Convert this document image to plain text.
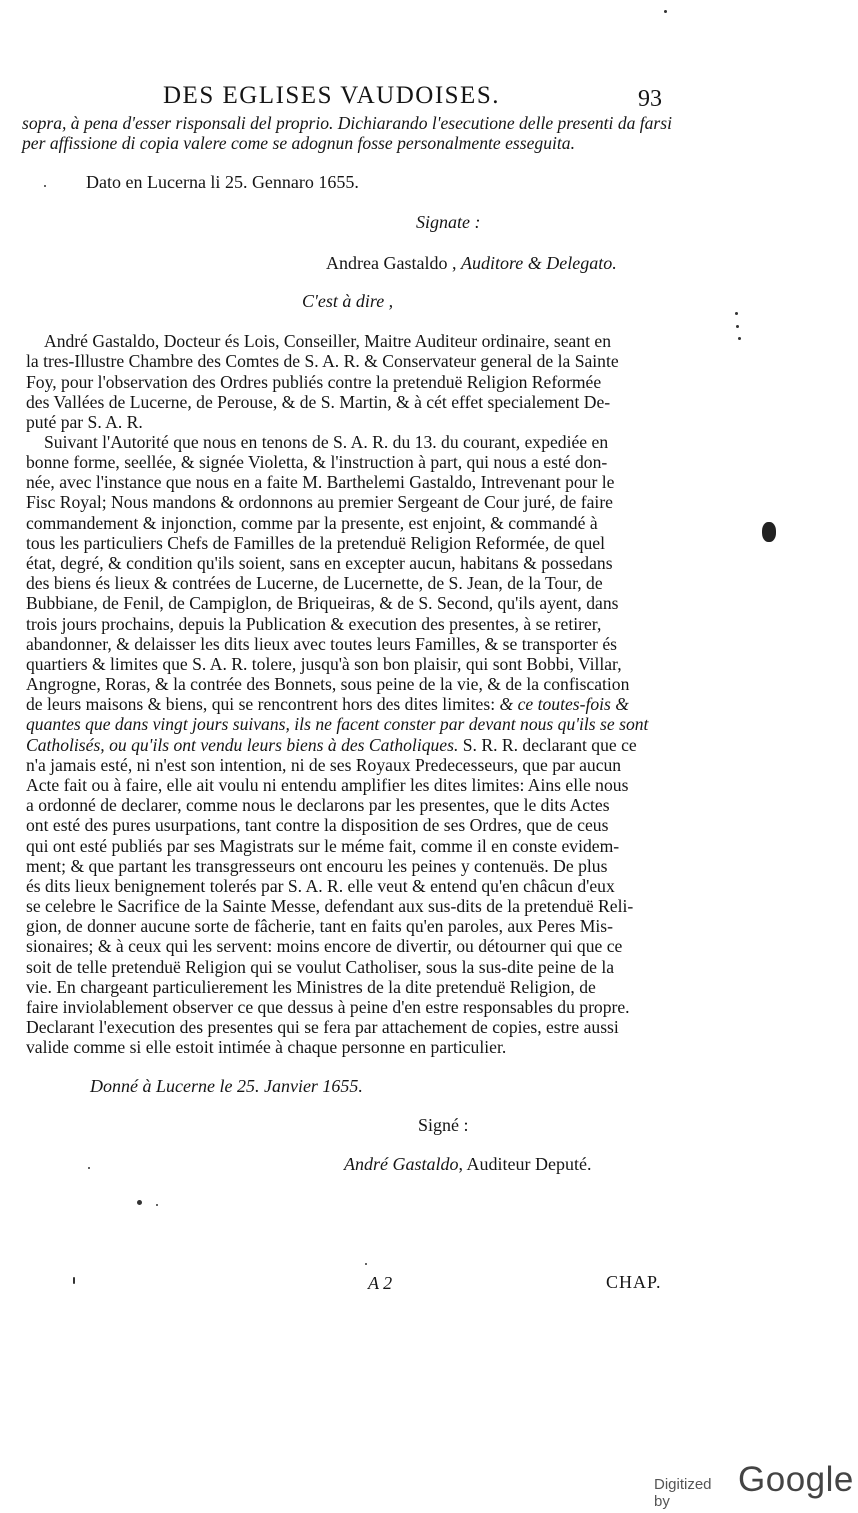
DES EGLISES VAUDOISES.	93
sopra, à pena d'esser risponsali del proprio. Dichiarando l'esecutione delle presenti da farsi
per affissione di copia valere come se adognun fosse personalmente esseguita.
Dato en Lucerna li 25. Gennaro 1655.
Signate :
Andrea Gastaldo , Auditore & Delegato.
C'est à dire ,
André Gastaldo, Docteur és Lois, Conseiller, Maitre Auditeur ordinaire, seant en
la tres-Illustre Chambre des Comtes de S. A. R. & Conservateur general de la Sainte
Foy, pour l'observation des Ordres publiés contre la pretenduë Religion Reformée
des Vallées de Lucerne, de Perouse, & de S. Martin, & à cét effet specialement De-
puté par S. A. R.
Suivant l'Autorité que nous en tenons de S. A. R. du 13. du courant, expediée en
bonne forme, seellée, & signée Violetta, & l'instruction à part, qui nous a esté don-
née, avec l'instance que nous en a faite M. Barthelemi Gastaldo, Intrevenant pour le
Fisc Royal; Nous mandons & ordonnons au premier Sergeant de Cour juré, de faire
commandement & injonction, comme par la presente, est enjoint, & commandé à
tous les particuliers Chefs de Familles de la pretenduë Religion Reformée, de quel
état, degré, & condition qu'ils soient, sans en excepter aucun, habitans & possedans
des biens és lieux & contrées de Lucerne, de Lucernette, de S. Jean, de la Tour, de
Bubbiane, de Fenil, de Campiglon, de Briqueiras, & de S. Second, qu'ils ayent, dans
trois jours prochains, depuis la Publication & execution des presentes, à se retirer,
abandonner, & delaisser les dits lieux avec toutes leurs Familles, & se transporter és
quartiers & limites que S. A. R. tolere, jusqu'à son bon plaisir, qui sont Bobbi, Villar,
Angrogne, Roras, & la contrée des Bonnets, sous peine de la vie, & de la confiscation
de leurs maisons & biens, qui se rencontrent hors des dites limites: & ce toutes-fois &
quantes que dans vingt jours suivans, ils ne facent conster par devant nous qu'ils se sont
Catholisés, ou qu'ils ont vendu leurs biens à des Catholiques. S. R. R. declarant que ce
n'a jamais esté, ni n'est son intention, ni de ses Royaux Predecesseurs, que par aucun
Acte fait ou à faire, elle ait voulu ni entendu amplifier les dites limites: Ains elle nous
a ordonné de declarer, comme nous le declarons par les presentes, que le dits Actes
ont esté des pures usurpations, tant contre la disposition de ses Ordres, que de ceus
qui ont esté publiés par ses Magistrats sur le méme fait, comme il en conste evidem-
ment; & que partant les transgresseurs ont encouru les peines y contenuës. De plus
és dits lieux benignement tolerés par S. A. R. elle veut & entend qu'en châcun d'eux
se celebre le Sacrifice de la Sainte Messe, defendant aux sus-dits de la pretenduë Reli-
gion, de donner aucune sorte de fâcherie, tant en faits qu'en paroles, aux Peres Mis-
sionaires; & à ceux qui les servent: moins encore de divertir, ou détourner qui que ce
soit de telle pretenduë Religion qui se voulut Catholiser, sous la sus-dite peine de la
vie. En chargeant particulierement les Ministres de la dite pretenduë Religion, de
faire inviolablement observer ce que dessus à peine d'en estre responsables du propre.
Declarant l'execution des presentes qui se fera par attachement de copies, estre aussi
valide comme si elle estoit intimée à chaque personne en particulier.
Donné à Lucerne le 25. Janvier 1655.
Signé :
André Gastaldo, Auditeur Deputé.
A 2	CHAP.
Digitized by
Google
